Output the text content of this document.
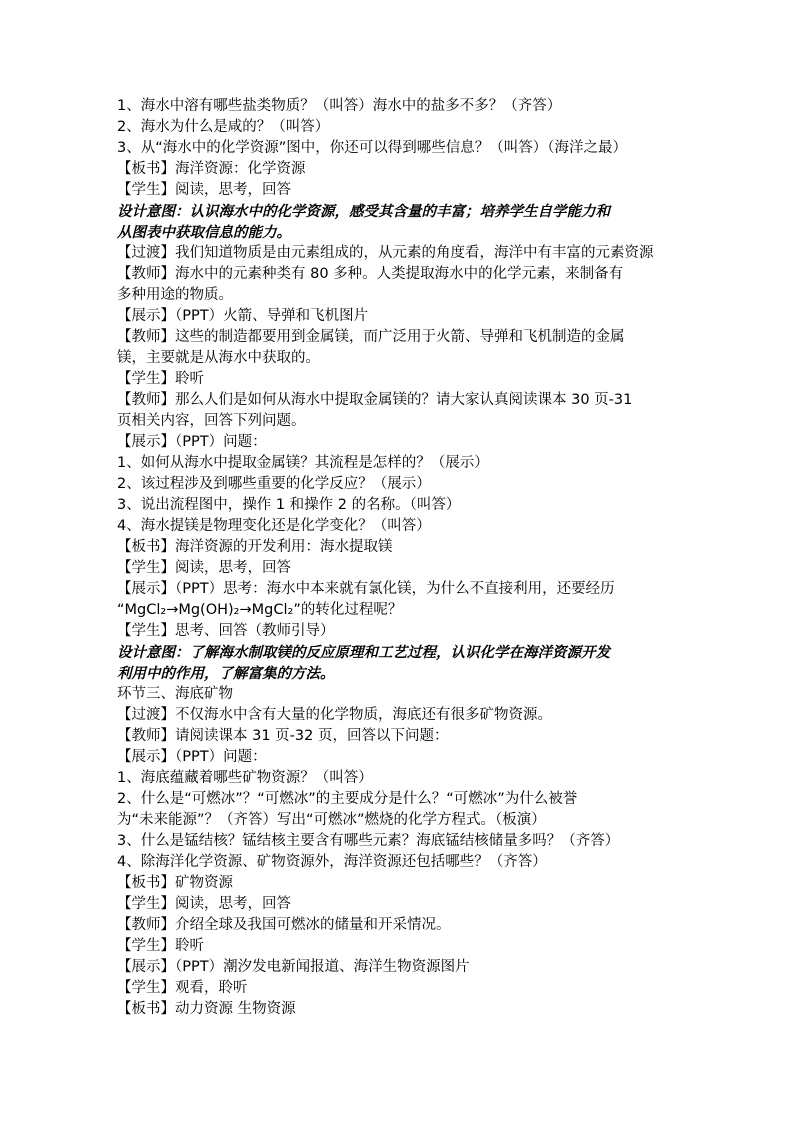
1、海水中溶有哪些盐类物质？（叫答）海水中的盐多不多？（齐答）
2、海水为什么是咸的？（叫答）
3、从“海水中的化学资源”图中，你还可以得到哪些信息？（叫答）（海洋之最）
【板书】海洋资源：化学资源
【学生】阅读，思考，回答
设计意图：认识海水中的化学资源，感受其含量的丰富；培养学生自学能力和
从图表中获取信息的能力。
【过渡】我们知道物质是由元素组成的，从元素的角度看，海洋中有丰富的元素资源
【教师】海水中的元素种类有 80 多种。人类提取海水中的化学元素，来制备有
多种用途的物质。
【展示】（PPT）火箭、导弹和飞机图片
【教师】这些的制造都要用到金属镁，而广泛用于火箭、导弹和飞机制造的金属
镁，主要就是从海水中获取的。
【学生】聆听
【教师】那么人们是如何从海水中提取金属镁的？请大家认真阅读课本 30 页-31
页相关内容，回答下列问题。
【展示】（PPT）问题：
1、如何从海水中提取金属镁？其流程是怎样的？（展示）
2、该过程涉及到哪些重要的化学反应？（展示）
3、说出流程图中，操作 1 和操作 2 的名称。（叫答）
4、海水提镁是物理变化还是化学变化？（叫答）
【板书】海洋资源的开发利用：海水提取镁
【学生】阅读，思考，回答
【展示】（PPT）思考：海水中本来就有氯化镁，为什么不直接利用，还要经历
“MgCl₂→Mg(OH)₂→MgCl₂”的转化过程呢？
【学生】思考、回答（教师引导）
设计意图：了解海水制取镁的反应原理和工艺过程，认识化学在海洋资源开发
利用中的作用，了解富集的方法。
环节三、海底矿物
【过渡】不仅海水中含有大量的化学物质，海底还有很多矿物资源。
【教师】请阅读课本 31 页-32 页，回答以下问题：
【展示】（PPT）问题：
1、海底蕴藏着哪些矿物资源？（叫答）
2、什么是“可燃冰”？“可燃冰”的主要成分是什么？“可燃冰”为什么被誉
为“未来能源”？（齐答）写出“可燃冰”燃烧的化学方程式。（板演）
3、什么是锰结核？锰结核主要含有哪些元素？海底锰结核储量多吗？（齐答）
4、除海洋化学资源、矿物资源外，海洋资源还包括哪些？（齐答）
【板书】矿物资源
【学生】阅读，思考，回答
【教师】介绍全球及我国可燃冰的储量和开采情况。
【学生】聆听
【展示】（PPT）潮汐发电新闻报道、海洋生物资源图片
【学生】观看，聆听
【板书】动力资源 生物资源
